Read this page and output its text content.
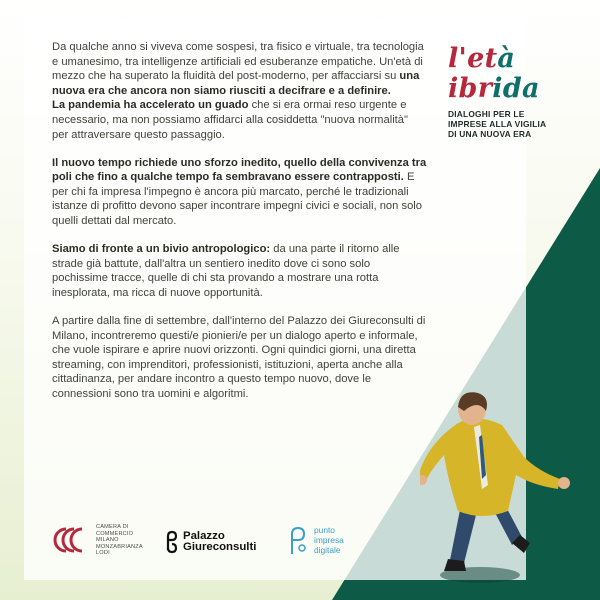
Da qualche anno si viveva come sospesi, tra fisico e virtuale, tra tecnologia e umanesimo, tra intelligenze artificiali ed esuberanze empatiche. Un'età di mezzo che ha superato la fluidità del post-moderno, per affacciarsi su una nuova era che ancora non siamo riusciti a decifrare e a definire.
La pandemia ha accelerato un guado che si era ormai reso urgente e necessario, ma non possiamo affidarci alla cosiddetta "nuova normalità" per attraversare questo passaggio.

Il nuovo tempo richiede uno sforzo inedito, quello della convivenza tra poli che fino a qualche tempo fa sembravano essere contrapposti. E per chi fa impresa l'impegno è ancora più marcato, perché le tradizionali istanze di profitto devono saper incontrare impegni civici e sociali, non solo quelli dettati dal mercato.

Siamo di fronte a un bivio antropologico: da una parte il ritorno alle strade già battute, dall'altra un sentiero inedito dove ci sono solo pochissime tracce, quelle di chi sta provando a mostrare una rotta inesplorata, ma ricca di nuove opportunità.

A partire dalla fine di settembre, dall'interno del Palazzo dei Giureconsulti di Milano, incontreremo questi/e pionieri/e per un dialogo aperto e informale, che vuole ispirare e aprire nuovi orizzonti. Ogni quindici giorni, una diretta streaming, con imprenditori, professionisti, istituzioni, aperta anche alla cittadinanza, per andare incontro a questo tempo nuovo, dove le connessioni sono tra uomini e algoritmi.

l'età
ibrida
DIALOGHI PER LE
IMPRESE ALLA VIGILIA
DI UNA NUOVA ERA
CAMERA DI
COMMERCIO
MILANO
MONZABRIANZA
LODI
Palazzo
Giureconsulti
punto
impresa
digitale
